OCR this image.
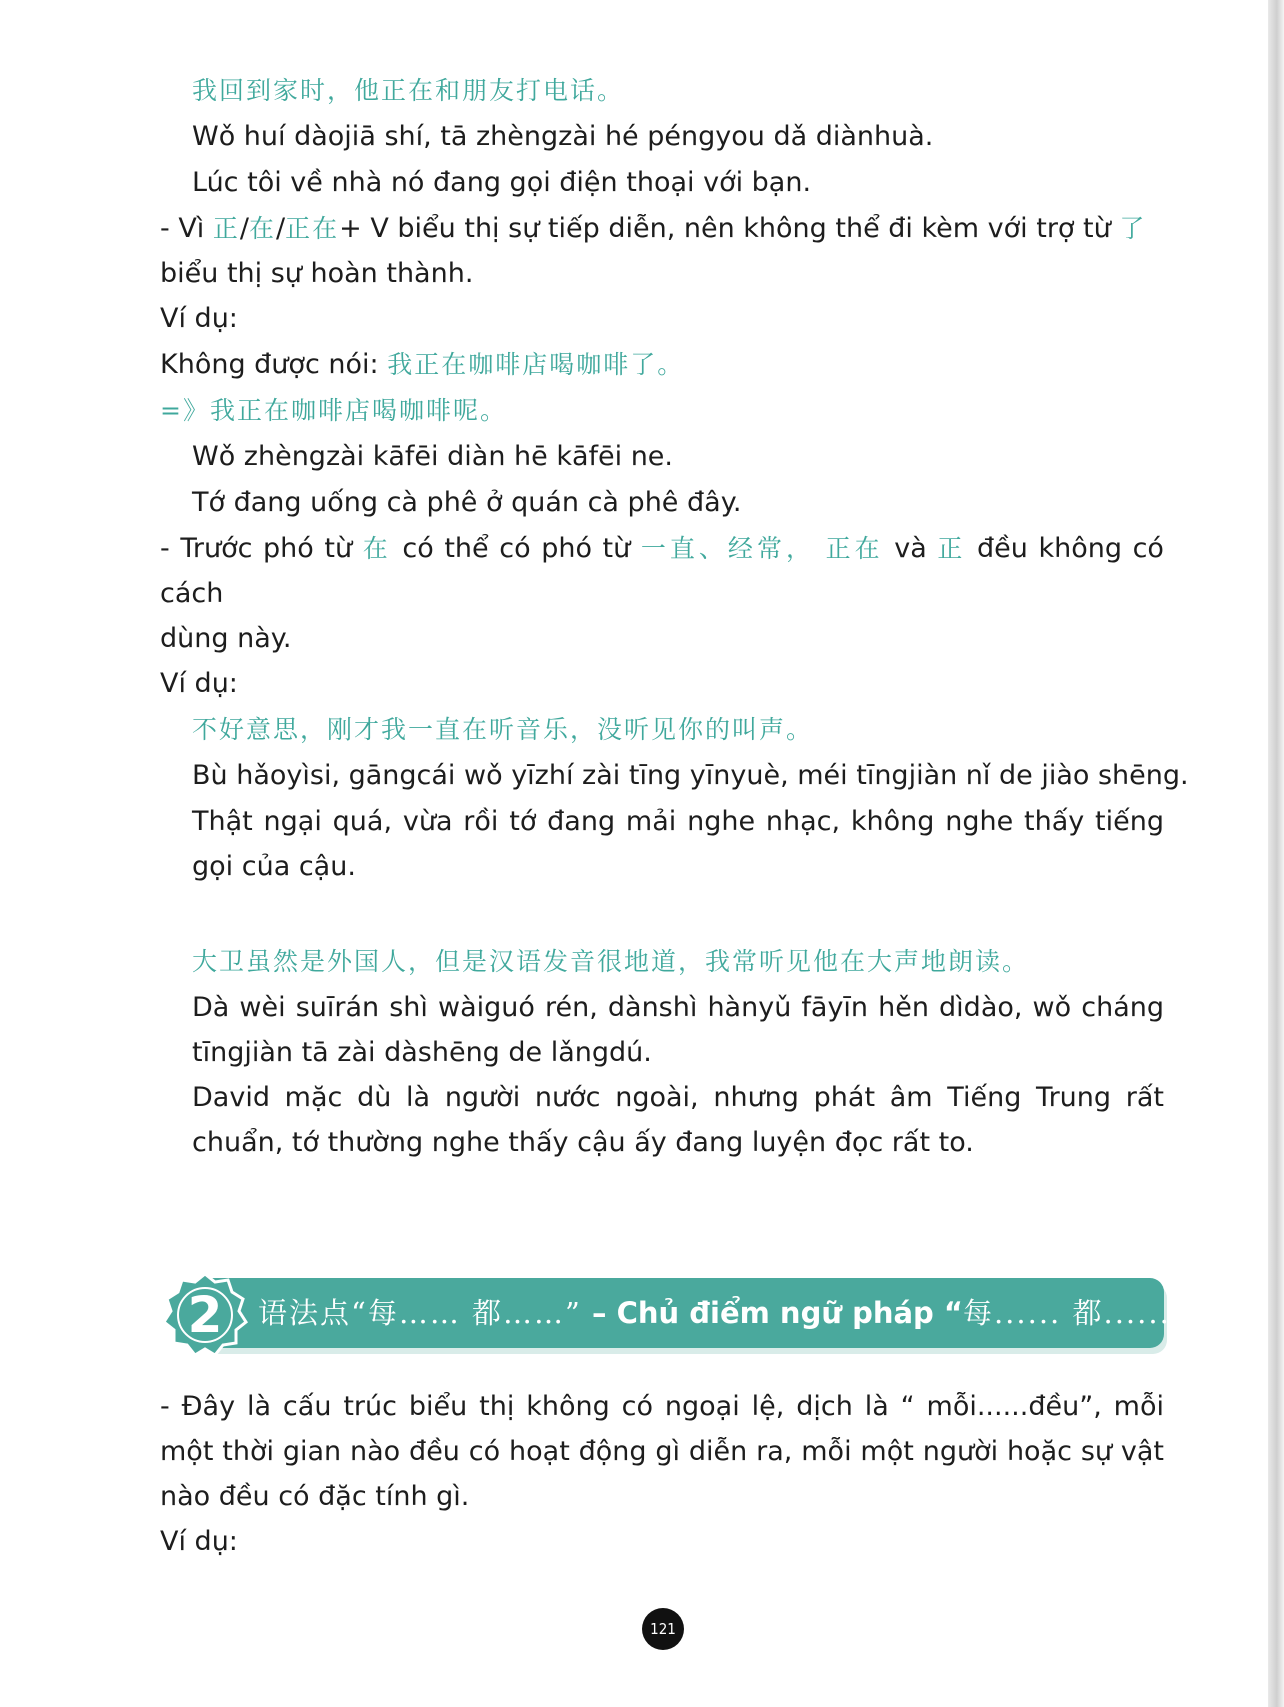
我回到家时，他正在和朋友打电话。

Wǒ huí dàojiā shí, tā zhèngzài hé péngyou dǎ diànhuà.

Lúc tôi về nhà nó đang gọi điện thoại với bạn.

- Vì 正/在/正在+ V biểu thị sự tiếp diễn, nên không thể đi kèm với trợ từ 了
biểu thị sự hoàn thành.

Ví dụ:

Không được nói: 我正在咖啡店喝咖啡了。

=》我正在咖啡店喝咖啡呢。

Wǒ zhèngzài kāfēi diàn hē kāfēi ne.

Tớ đang uống cà phê ở quán cà phê đây.

- Trước phó từ 在 có thể có phó từ 一直、经常， 正在 và 正 đều không có cách
dùng này.

Ví dụ:

不好意思，刚才我一直在听音乐，没听见你的叫声。

Bù hǎoyìsi, gāngcái wǒ yīzhí zài tīng yīnyuè, méi tīngjiàn nǐ de jiào shēng.

Thật ngại quá, vừa rồi tớ đang mải nghe nhạc, không nghe thấy tiếng gọi của cậu.

大卫虽然是外国人，但是汉语发音很地道，我常听见他在大声地朗读。

Dà wèi suīrán shì wàiguó rén, dànshì hànyǔ fāyīn hěn dìdào, wǒ cháng tīngjiàn tā zài dàshēng de lǎngdú.

David mặc dù là người nước ngoài, nhưng phát âm Tiếng Trung rất chuẩn, tớ thường nghe thấy cậu ấy đang luyện đọc rất to.

语法点“每…… 都……” – Chủ điểm ngữ pháp “每...... 都......”
2

- Đây là cấu trúc biểu thị không có ngoại lệ, dịch là “ mỗi......đều”, mỗi một thời gian nào đều có hoạt động gì diễn ra, mỗi một người hoặc sự vật nào đều có đặc tính gì.

Ví dụ:

121
